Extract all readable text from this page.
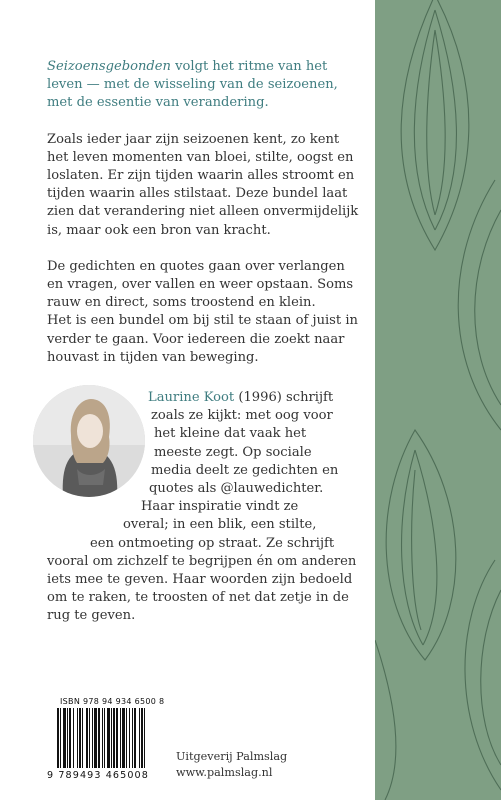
Seizoensgebonden volgt het ritme van het
leven — met de wisseling van de seizoenen,
met de essentie van verandering.

Zoals ieder jaar zijn seizoenen kent, zo kent
het leven momenten van bloei, stilte, oogst en
loslaten. Er zijn tijden waarin alles stroomt en
tijden waarin alles stilstaat. Deze bundel laat
zien dat verandering niet alleen onvermijdelijk
is, maar ook een bron van kracht.

De gedichten en quotes gaan over verlangen
en vragen, over vallen en weer opstaan. Soms
rauw en direct, soms troostend en klein.
Het is een bundel om bij stil te staan of juist in
verder te gaan. Voor iedereen die zoekt naar
houvast in tijden van beweging.

Laurine Koot (1996) schrijft
zoals ze kijkt: met oog voor
het kleine dat vaak het
meeste zegt. Op sociale
media deelt ze gedichten en
quotes als @lauwedichter.
Haar inspiratie vindt ze
overal; in een blik, een stilte,
een ontmoeting op straat. Ze schrijft
vooral om zichzelf te begrijpen én om anderen
iets mee te geven. Haar woorden zijn bedoeld
om te raken, te troosten of net dat zetje in de
rug te geven.
ISBN 978 94 934 6500 8
9 789493 465008
Uitgeverij Palmslag
www.palmslag.nl
